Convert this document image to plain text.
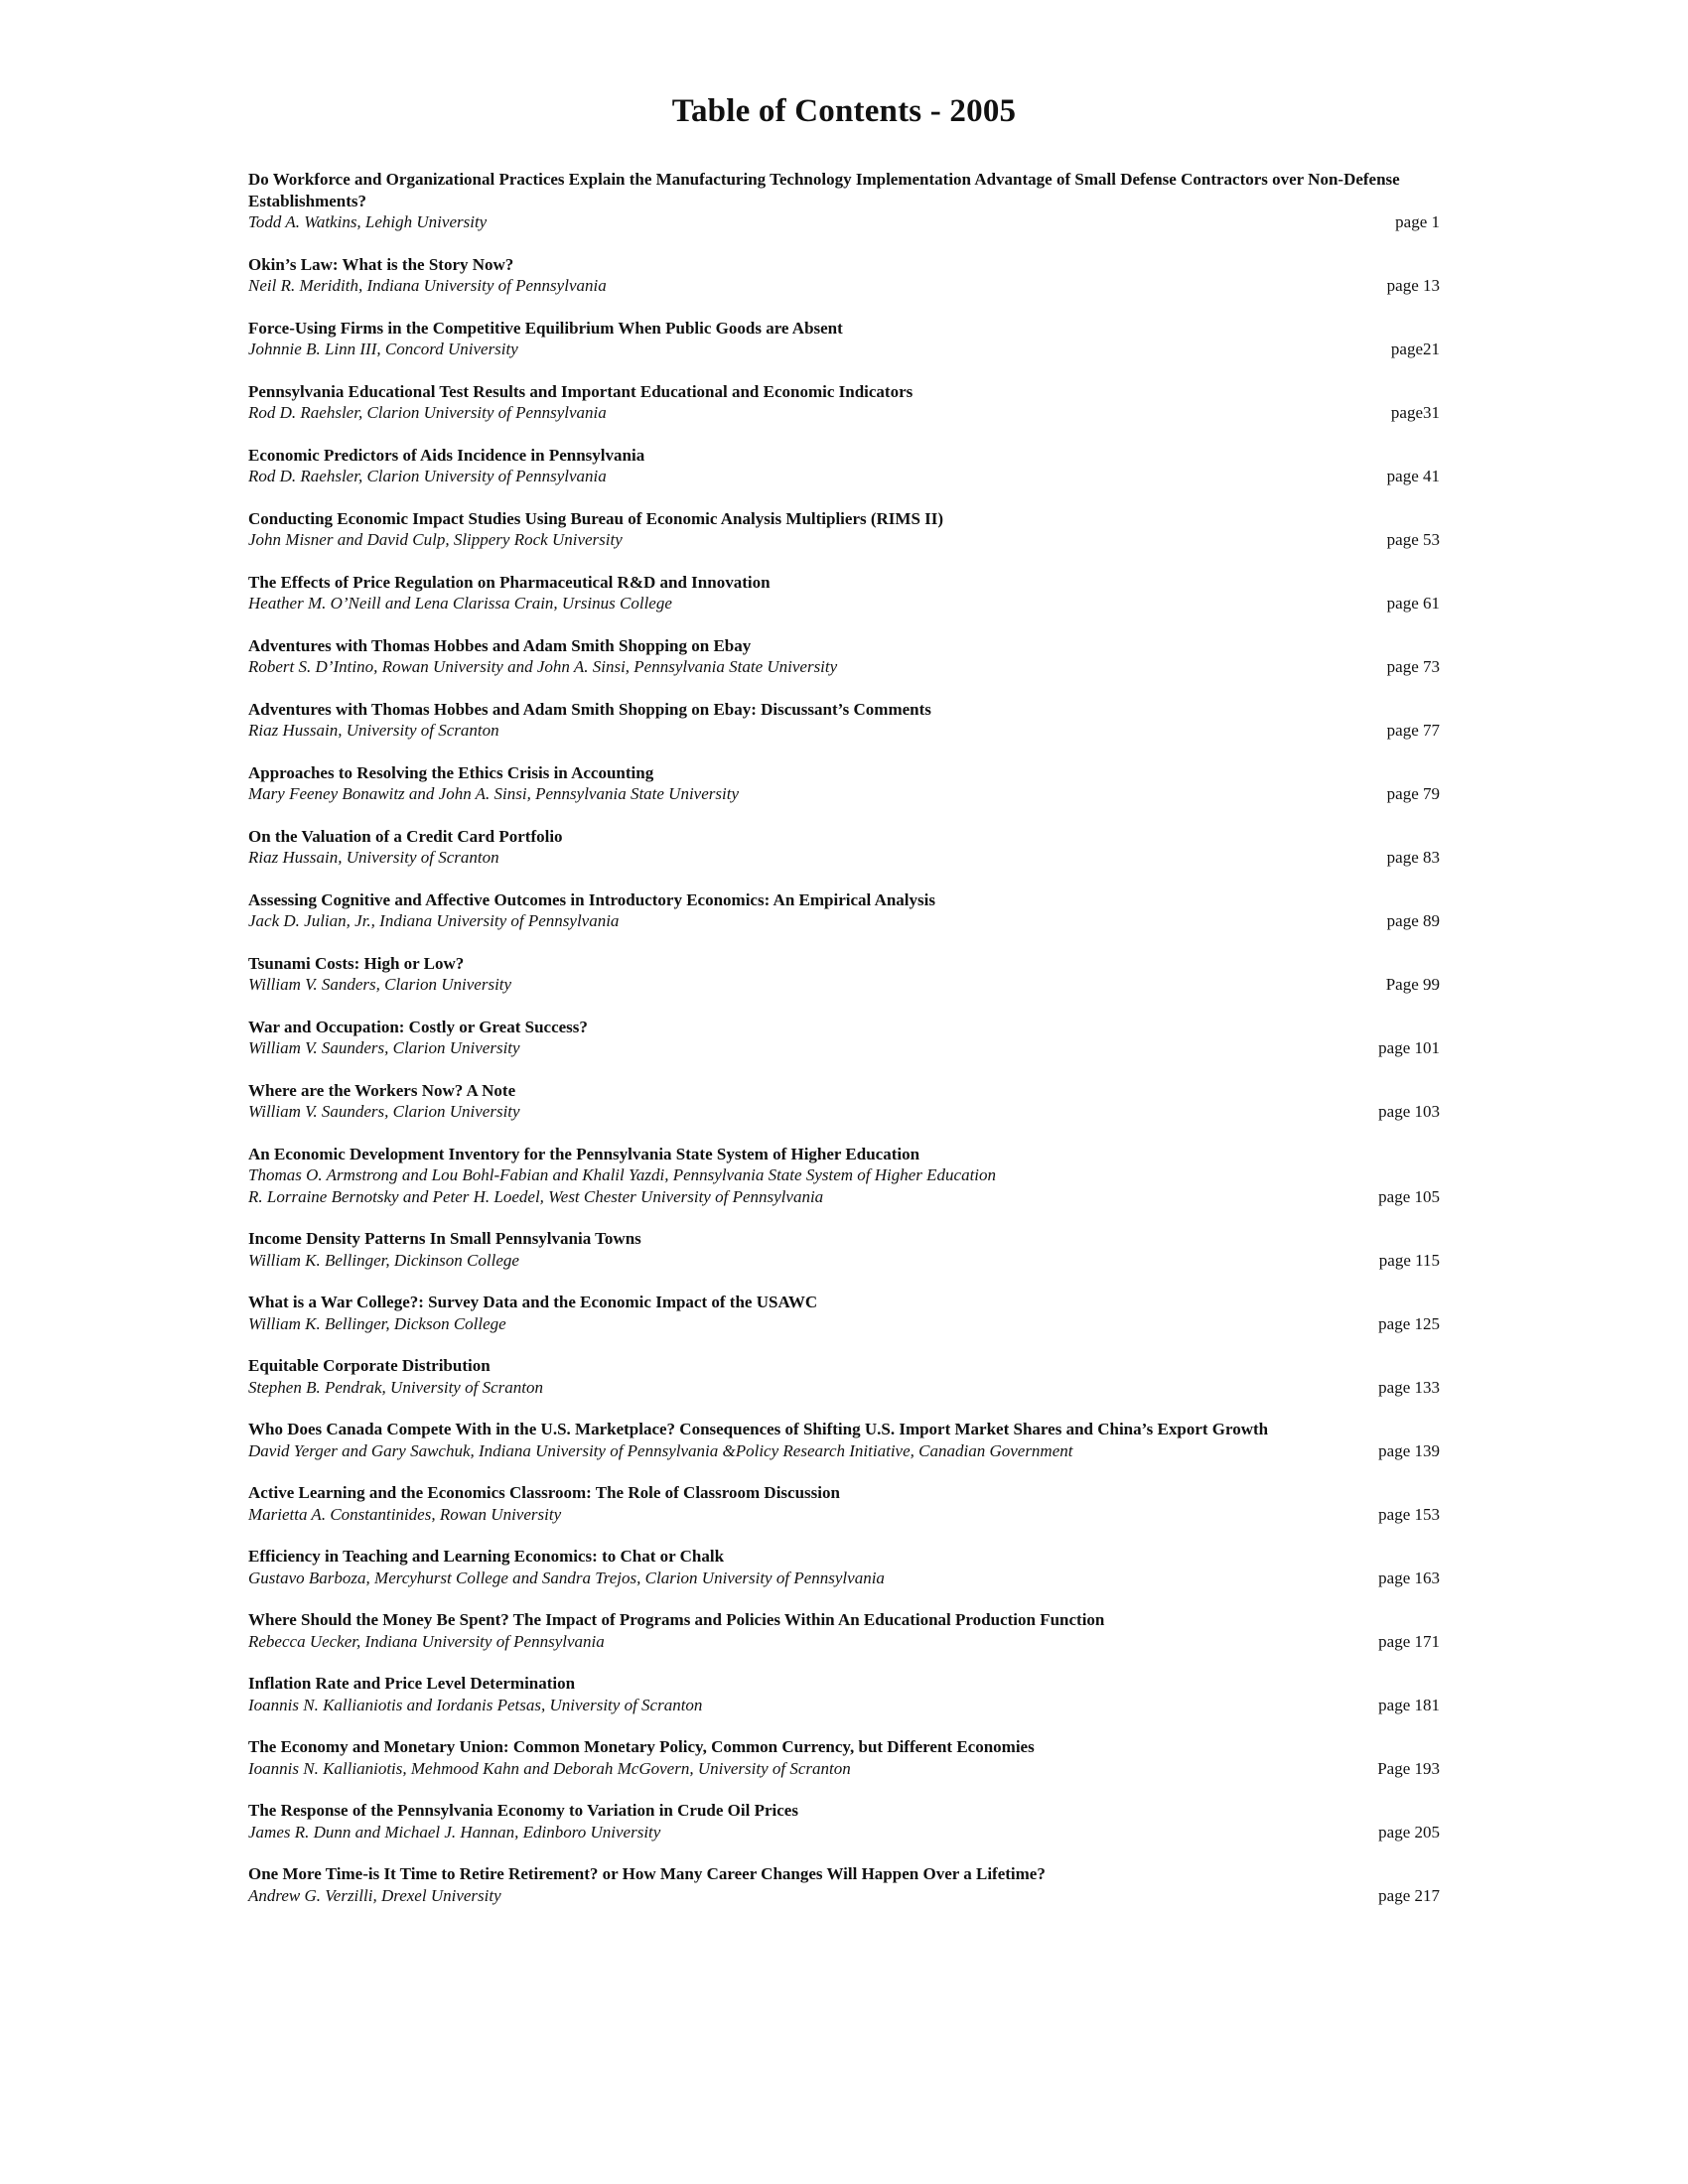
Table of Contents - 2005
Do Workforce and Organizational Practices Explain the Manufacturing Technology Implementation Advantage of Small Defense Contractors over Non-Defense Establishments?
Todd A. Watkins, Lehigh University	page 1
Okin’s Law: What is the Story Now?
Neil R. Meridith, Indiana University of Pennsylvania	page 13
Force-Using Firms in the Competitive Equilibrium When Public Goods are Absent
Johnnie B. Linn III, Concord University	page21
Pennsylvania Educational Test Results and Important Educational and Economic Indicators
Rod D. Raehsler, Clarion University of Pennsylvania	page31
Economic Predictors of Aids Incidence in Pennsylvania
Rod D. Raehsler, Clarion University of Pennsylvania	page 41
Conducting Economic Impact Studies Using Bureau of Economic Analysis Multipliers (RIMS II)
John Misner and David Culp, Slippery Rock University	page 53
The Effects of Price Regulation on Pharmaceutical R&D and Innovation
Heather M. O’Neill and Lena Clarissa Crain, Ursinus College	page 61
Adventures with Thomas Hobbes and Adam Smith Shopping on Ebay
Robert S. D’Intino, Rowan University and John A. Sinsi, Pennsylvania State University	page 73
Adventures with Thomas Hobbes and Adam Smith Shopping on Ebay: Discussant’s Comments
Riaz Hussain, University of Scranton	page 77
Approaches to Resolving the Ethics Crisis in Accounting
Mary Feeney Bonawitz and John A. Sinsi, Pennsylvania State University	page 79
On the Valuation of a Credit Card Portfolio
Riaz Hussain, University of Scranton	page 83
Assessing Cognitive and Affective Outcomes in Introductory Economics: An Empirical Analysis
Jack D. Julian, Jr., Indiana University of Pennsylvania	page 89
Tsunami Costs: High or Low?
William V. Sanders, Clarion University	Page 99
War and Occupation: Costly or Great Success?
William V. Saunders, Clarion University	page 101
Where are the Workers Now? A Note
William V. Saunders, Clarion University	page 103
An Economic Development Inventory for the Pennsylvania State System of Higher Education
Thomas O. Armstrong and Lou Bohl-Fabian and Khalil Yazdi, Pennsylvania State System of Higher Education
R. Lorraine Bernotsky and Peter H. Loedel, West Chester University of Pennsylvania	page 105
Income Density Patterns In Small Pennsylvania Towns
William K. Bellinger, Dickinson College	page 115
What is a War College?: Survey Data and the Economic Impact of the USAWC
William K. Bellinger, Dickson College	page 125
Equitable Corporate Distribution
Stephen B. Pendrak, University of Scranton	page 133
Who Does Canada Compete With in the U.S. Marketplace? Consequences of Shifting U.S. Import Market Shares and China’s Export Growth
David Yerger and Gary Sawchuk, Indiana University of Pennsylvania &Policy Research Initiative, Canadian Government	page 139
Active Learning and the Economics Classroom: The Role of Classroom Discussion
Marietta A. Constantinides, Rowan University	page 153
Efficiency in Teaching and Learning Economics: to Chat or Chalk
Gustavo Barboza, Mercyhurst College and Sandra Trejos, Clarion University of Pennsylvania	page 163
Where Should the Money Be Spent? The Impact of Programs and Policies Within An Educational Production Function
Rebecca Uecker, Indiana University of Pennsylvania	page 171
Inflation Rate and Price Level Determination
Ioannis N. Kallianiotis and Iordanis Petsas, University of Scranton	page 181
The Economy and Monetary Union: Common Monetary Policy, Common Currency, but Different Economies
Ioannis N. Kallianiotis, Mehmood Kahn and Deborah McGovern, University of Scranton	Page 193
The Response of the Pennsylvania Economy to Variation in Crude Oil Prices
James R. Dunn and Michael J. Hannan, Edinboro University	page 205
One More Time-is It Time to Retire Retirement? or How Many Career Changes Will Happen Over a Lifetime?
Andrew G. Verzilli, Drexel University	page 217
